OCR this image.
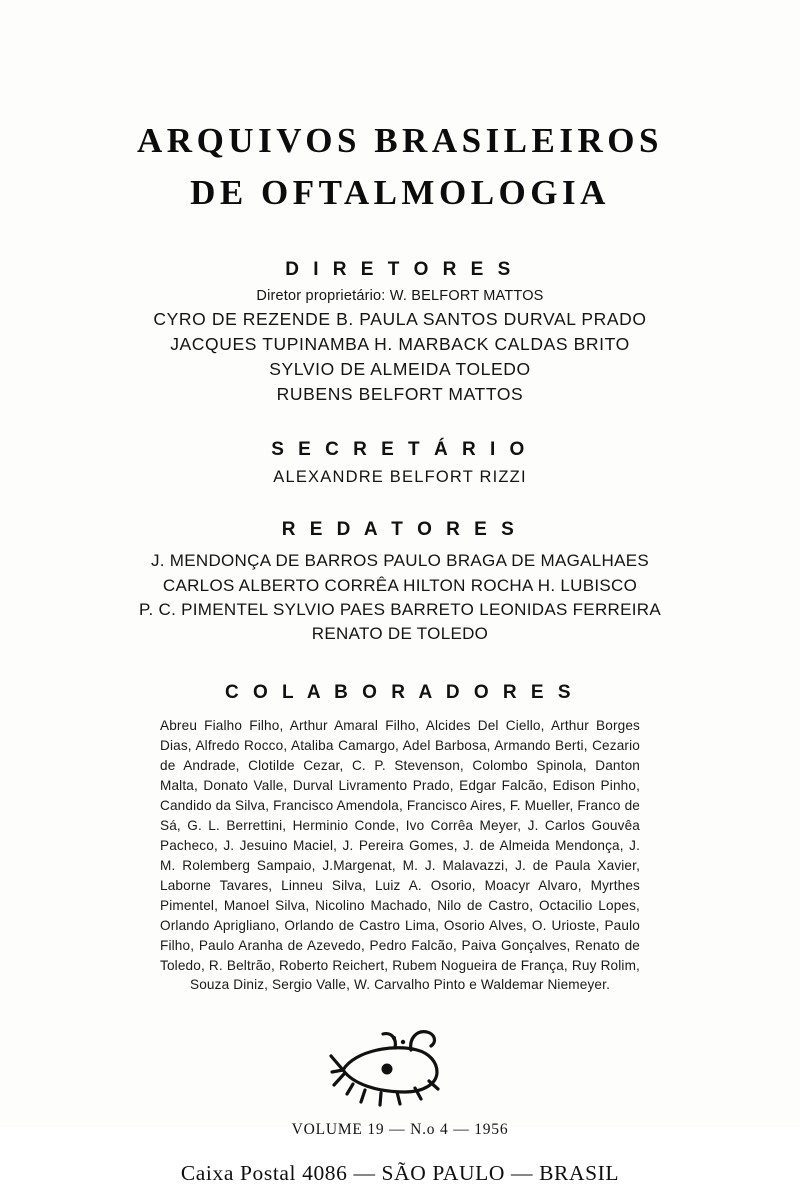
ARQUIVOS BRASILEIROS
DE OFTALMOLOGIA
D I R E T O R E S

Diretor proprietário: W. BELFORT MATTOS

CYRO DE REZENDE B. PAULA SANTOS DURVAL PRADO
JACQUES TUPINAMBA H. MARBACK CALDAS BRITO
SYLVIO DE ALMEIDA TOLEDO
RUBENS BELFORT MATTOS
S E C R E T Á R I O

ALEXANDRE BELFORT RIZZI

R E D A T O R E S
J. MENDONÇA DE BARROS PAULO BRAGA DE MAGALHAES
CARLOS ALBERTO CORRÊA HILTON ROCHA H. LUBISCO
P. C. PIMENTEL SYLVIO PAES BARRETO LEONIDAS FERREIRA
RENATO DE TOLEDO
C O L A B O R A D O R E S

Abreu Fialho Filho, Arthur Amaral Filho, Alcides Del Ciello, Arthur Borges Dias, Alfredo Rocco, Ataliba Camargo, Adel Barbosa, Armando Berti, Cezario de Andrade, Clotilde Cezar, C. P. Stevenson, Colombo Spinola, Danton Malta, Donato Valle, Durval Livramento Prado, Edgar Falcão, Edison Pinho, Candido da Silva, Francisco Amendola, Francisco Aires, F. Mueller, Franco de Sá, G. L. Berrettini, Herminio Conde, Ivo Corrêa Meyer, J. Carlos Gouvêa Pacheco, J. Jesuino Maciel, J. Pereira Gomes, J. de Almeida Mendonça, J. M. Rolemberg Sampaio, J.Margenat, M. J. Malavazzi, J. de Paula Xavier, Laborne Tavares, Linneu Silva, Luiz A. Osorio, Moacyr Alvaro, Myrthes Pimentel, Manoel Silva, Nicolino Machado, Nilo de Castro, Octacilio Lopes, Orlando Aprigliano, Orlando de Castro Lima, Osorio Alves, O. Urioste, Paulo Filho, Paulo Aranha de Azevedo, Pedro Falcão, Paiva Gonçalves, Renato de Toledo, R. Beltrão, Roberto Reichert, Rubem Nogueira de França, Ruy Rolim, Souza Diniz, Sergio Valle, W. Carvalho Pinto e Waldemar Niemeyer.

VOLUME 19 — N.o 4 — 1956

Caixa Postal 4086 — SÃO PAULO — BRASIL
